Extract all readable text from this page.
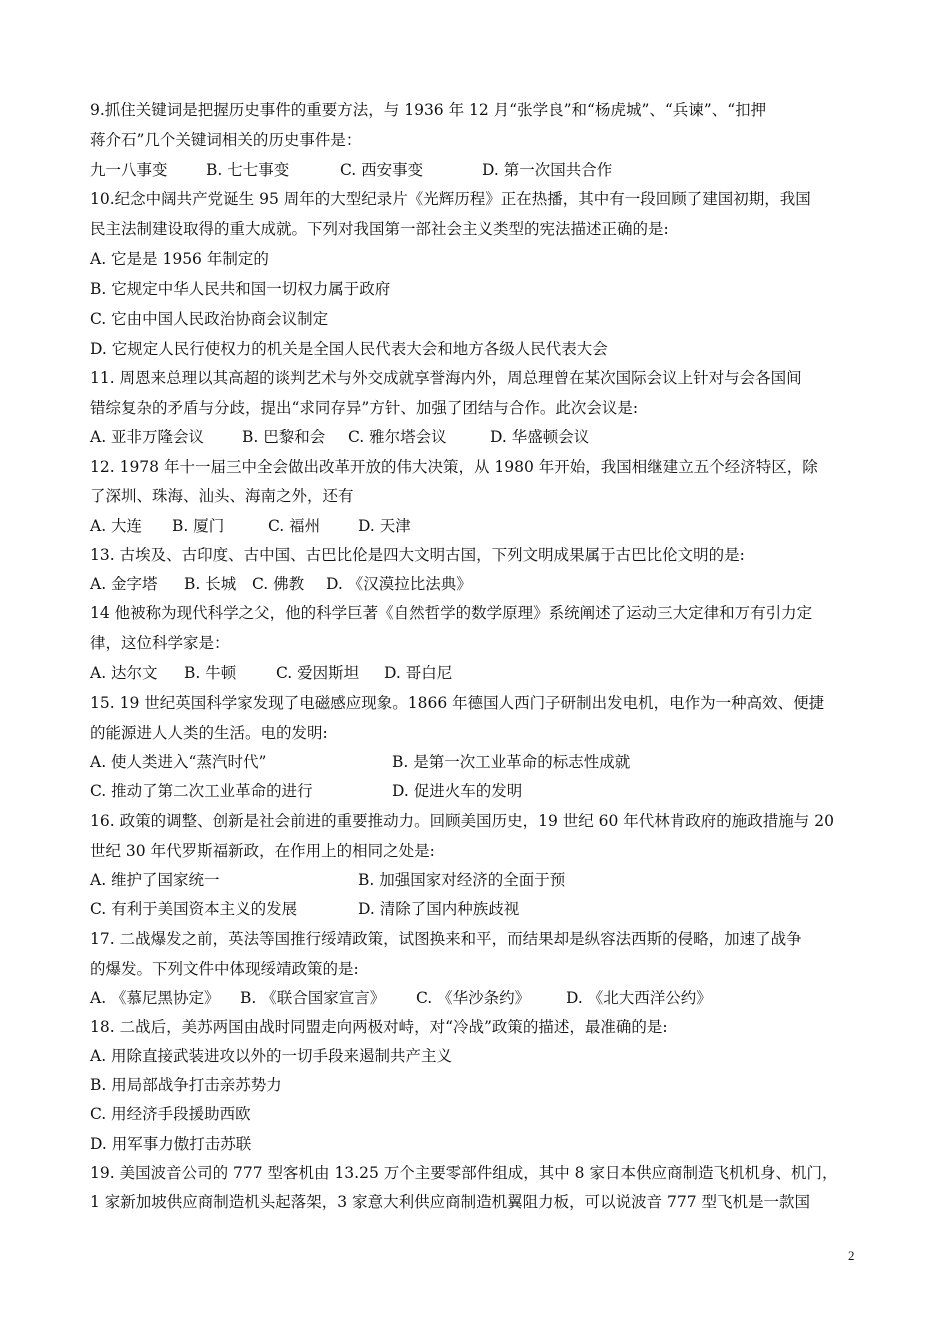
9.抓住关键词是把握历史事件的重要方法，与 1936 年 12 月“张学良”和“杨虎城”、“兵谏”、“扣押
蒋介石”几个关键词相关的历史事件是：
九一八事变 B. 七七事变	C. 西安事变	D. 第一次国共合作
10.纪念中阔共产党诞生 95 周年的大型纪录片《光辉历程》正在热播，其中有一段回顾了建国初期，我国
民主法制建设取得的重大成就。下列对我国第一部社会主义类型的宪法描述正确的是:
A. 它是是 1956 年制定的
B. 它规定中华人民共和国一切权力属于政府
C. 它由中国人民政治协商会议制定
D. 它规定人民行使权力的机关是全国人民代表大会和地方各级人民代表大会
11. 周恩来总理以其高超的谈判艺术与外交成就享誉海内外，周总理曾在某次国际会议上针对与会各国间
错综复杂的矛盾与分歧，提出“求同存异”方针、加强了团结与合作。此次会议是:
A. 亚非万隆会议 B. 巴黎和会 C. 雅尔塔会议	D. 华盛顿会议
12. 1978 年十一届三中全会做出改革开放的伟大决策，从 1980 年开始，我国相继建立五个经济特区，除
了深圳、珠海、汕头、海南之外，还有
A. 大连 B. 厦门	C. 福州 D. 天津
13. 古埃及、古印度、古中国、古巴比伦是四大文明古国，下列文明成果属于古巴比伦文明的是:
A. 金字塔 B. 长城 C. 佛教 D. 《汉漠拉比法典》
14 他被称为现代科学之父，他的科学巨著《自然哲学的数学原理》系统阐述了运动三大定律和万有引力定
律，这位科学家是：
A. 达尔文 B. 牛顿	C. 爱因斯坦 D. 哥白尼
15. 19 世纪英国科学家发现了电磁感应现象。1866 年德国人西门子研制出发电机，电作为一种高效、便捷
的能源进人人类的生活。电的发明:
A. 使人类进入“蒸汽时代”	B. 是第一次工业革命的标志性成就
C. 推动了第二次工业革命的进行	D. 促进火车的发明
16. 政策的调整、创新是社会前进的重要推动力。回顾美国历史，19 世纪 60 年代林肯政府的施政措施与 20
世纪 30 年代罗斯福新政，在作用上的相同之处是:
A. 维护了国家统一	B. 加强国家对经济的全面于预
C. 有利于美国资本主义的发展	D. 清除了国内种族歧视
17. 二战爆发之前，英法等国推行绥靖政策，试图换来和平，而结果却是纵容法西斯的侵略，加速了战争
的爆发。下列文件中体现绥靖政策的是:
A. 《慕尼黑协定》 B. 《联合国家宣言》 C. 《华沙条约》 D. 《北大西洋公约》
18. 二战后，美苏两国由战时同盟走向两极对峙，对“冷战”政策的描述，最准确的是:
A. 用除直接武装进攻以外的一切手段来遏制共产主义
B. 用局部战争打击亲苏势力
C. 用经济手段援助西欧
D. 用军事力傲打击苏联
19. 美国波音公司的 777 型客机由 13.25 万个主要零部件组成，其中 8 家日本供应商制造飞机机身、机门，
1 家新加坡供应商制造机头起落架，3 家意大利供应商制造机翼阻力板，可以说波音 777 型飞机是一款国
2
